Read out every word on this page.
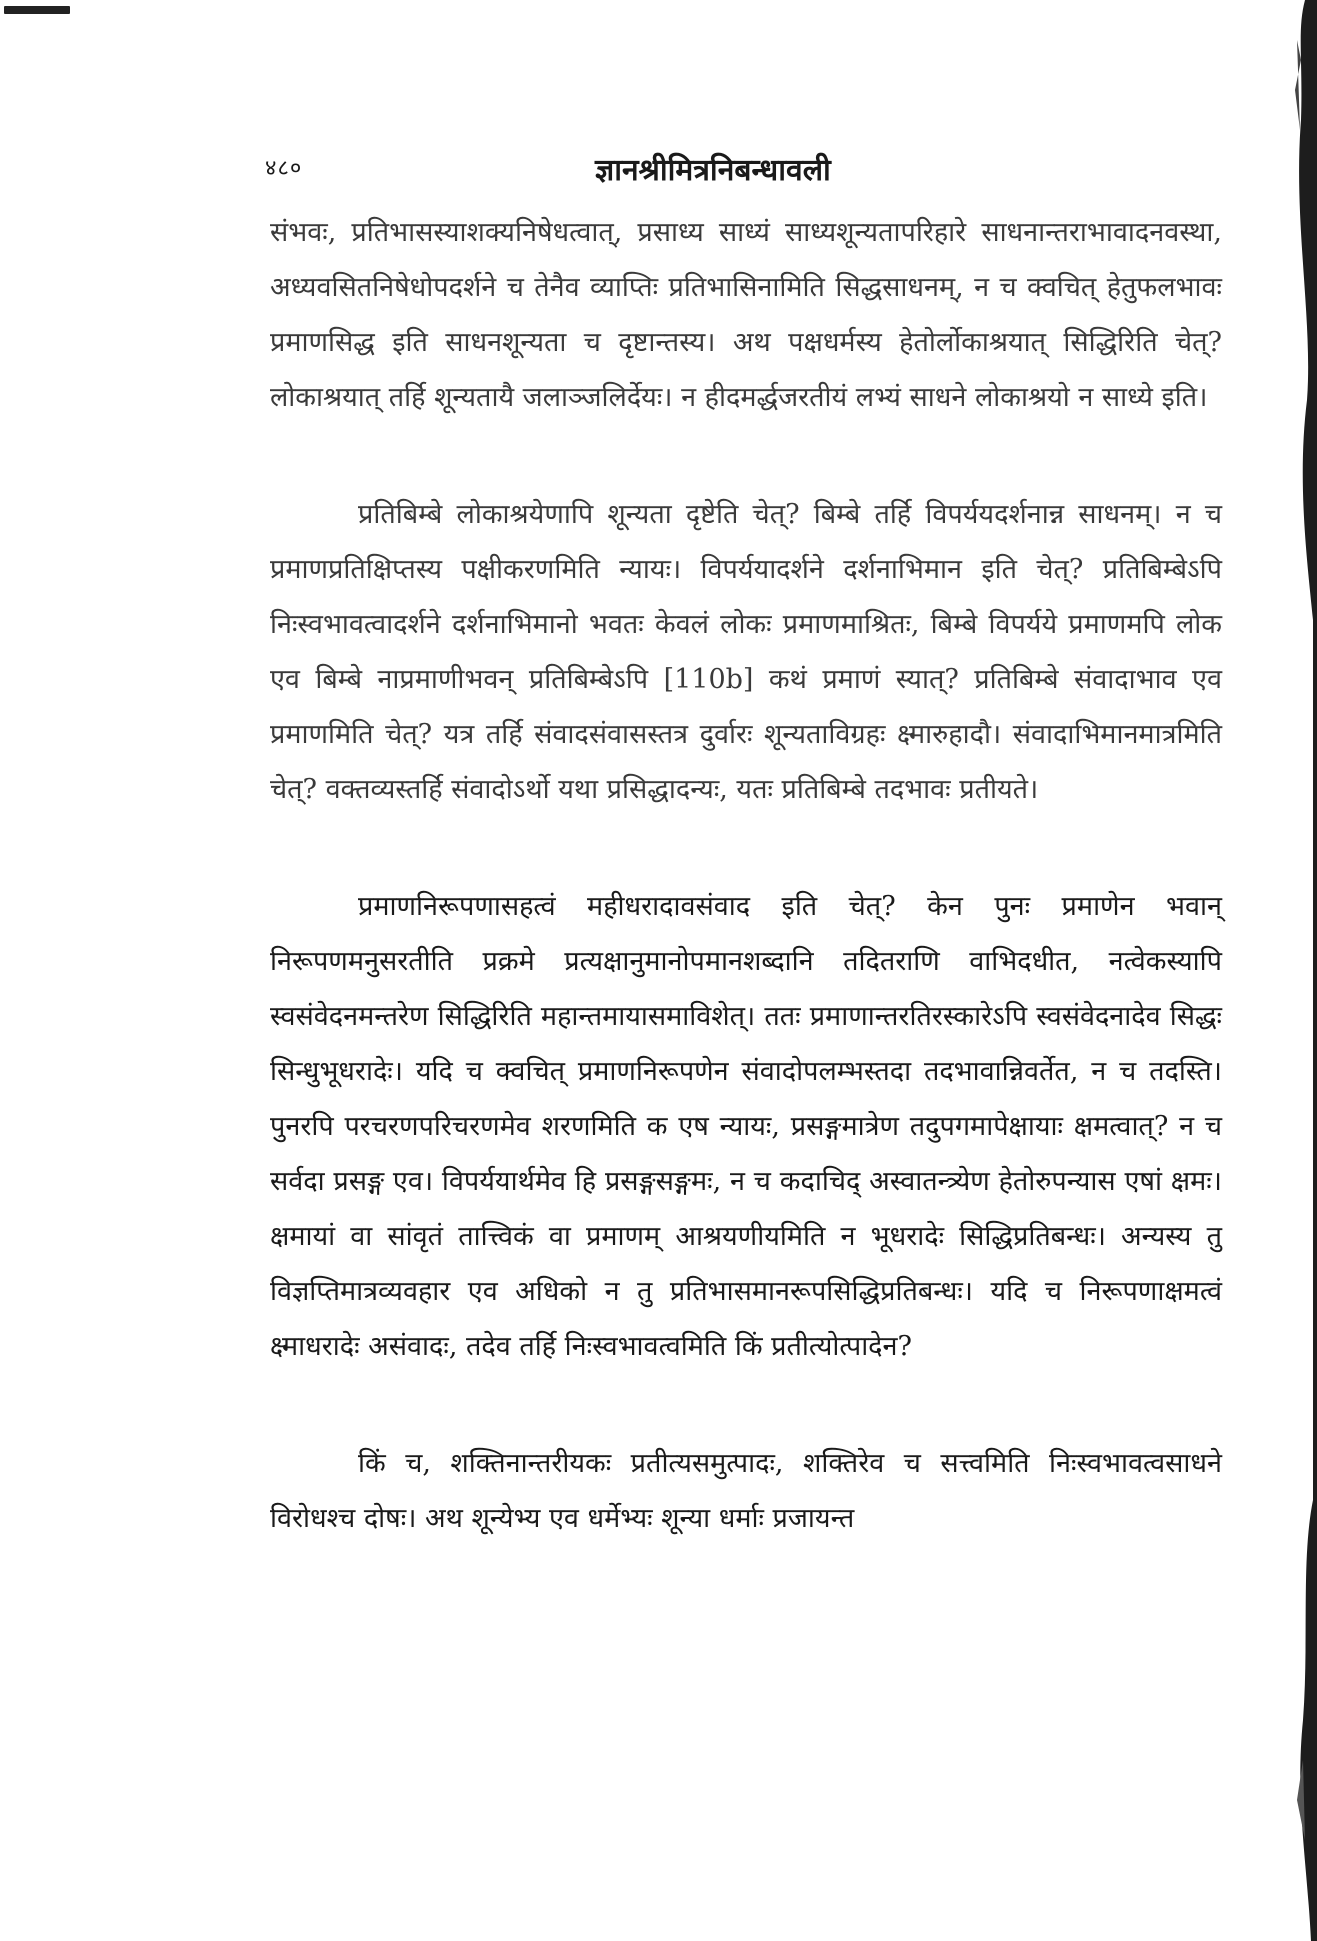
४८०	ज्ञानश्रीमित्रनिबन्धावली

संभवः, प्रतिभासस्याशक्यनिषेधत्वात्, प्रसाध्य साध्यं साध्यशून्यतापरिहारे साधनान्तराभावादनवस्था, अध्यवसितनिषेधोपदर्शने च तेनैव व्याप्तिः प्रतिभासिनामिति सिद्धसाधनम्, न च क्वचित् हेतुफलभावः प्रमाणसिद्ध इति साधनशून्यता च दृष्टान्तस्य। अथ पक्षधर्मस्य हेतोर्लोकाश्रयात् सिद्धिरिति चेत्? लोकाश्रयात् तर्हि शून्यतायै जलाञ्जलिर्देयः। न हीदमर्द्धजरतीयं लभ्यं साधने लोकाश्रयो न साध्ये इति।

प्रतिबिम्बे लोकाश्रयेणापि शून्यता दृष्टेति चेत्? बिम्बे तर्हि विपर्ययदर्शनान्न साधनम्। न च प्रमाणप्रतिक्षिप्तस्य पक्षीकरणमिति न्यायः। विपर्ययादर्शने दर्शनाभिमान इति चेत्? प्रतिबिम्बेऽपि निःस्वभावत्वादर्शने दर्शनाभिमानो भवतः केवलं लोकः प्रमाणमाश्रितः, बिम्बे विपर्यये प्रमाणमपि लोक एव बिम्बे नाप्रमाणीभवन् प्रतिबिम्बेऽपि [110b] कथं प्रमाणं स्यात्? प्रतिबिम्बे संवादाभाव एव प्रमाणमिति चेत्? यत्र तर्हि संवादसंवासस्तत्र दुर्वारः शून्यताविग्रहः क्ष्मारुहादौ। संवादाभिमानमात्रमिति चेत्? वक्तव्यस्तर्हि संवादोऽर्थो यथा प्रसिद्धादन्यः, यतः प्रतिबिम्बे तदभावः प्रतीयते।

प्रमाणनिरूपणासहत्वं महीधरादावसंवाद इति चेत्? केन पुनः प्रमाणेन भवान् निरूपणमनुसरतीति प्रक्रमे प्रत्यक्षानुमानोपमानशब्दानि तदितराणि वाभिदधीत, नत्वेकस्यापि स्वसंवेदनमन्तरेण सिद्धिरिति महान्तमायासमाविशेत्। ततः प्रमाणान्तरतिरस्कारेऽपि स्वसंवेदनादेव सिद्धः सिन्धुभूधरादेः। यदि च क्वचित् प्रमाणनिरूपणेन संवादोपलम्भस्तदा तदभावान्निवर्तेत, न च तदस्ति। पुनरपि परचरणपरिचरणमेव शरणमिति क एष न्यायः, प्रसङ्गमात्रेण तदुपगमापेक्षायाः क्षमत्वात्? न च सर्वदा प्रसङ्ग एव। विपर्ययार्थमेव हि प्रसङ्गसङ्गमः, न च कदाचिद् अस्वातन्त्र्येण हेतोरुपन्यास एषां क्षमः। क्षमायां वा सांवृतं तात्त्विकं वा प्रमाणम् आश्रयणीयमिति न भूधरादेः सिद्धिप्रतिबन्धः। अन्यस्य तु विज्ञप्तिमात्रव्यवहार एव अधिको न तु प्रतिभासमानरूपसिद्धिप्रतिबन्धः। यदि च निरूपणाक्षमत्वं क्ष्माधरादेः असंवादः, तदेव तर्हि निःस्वभावत्वमिति किं प्रतीत्योत्पादेन?

किं च, शक्तिनान्तरीयकः प्रतीत्यसमुत्पादः, शक्तिरेव च सत्त्वमिति निःस्वभावत्वसाधने विरोधश्च दोषः। अथ शून्येभ्य एव धर्मेभ्यः शून्या धर्माः प्रजायन्त
